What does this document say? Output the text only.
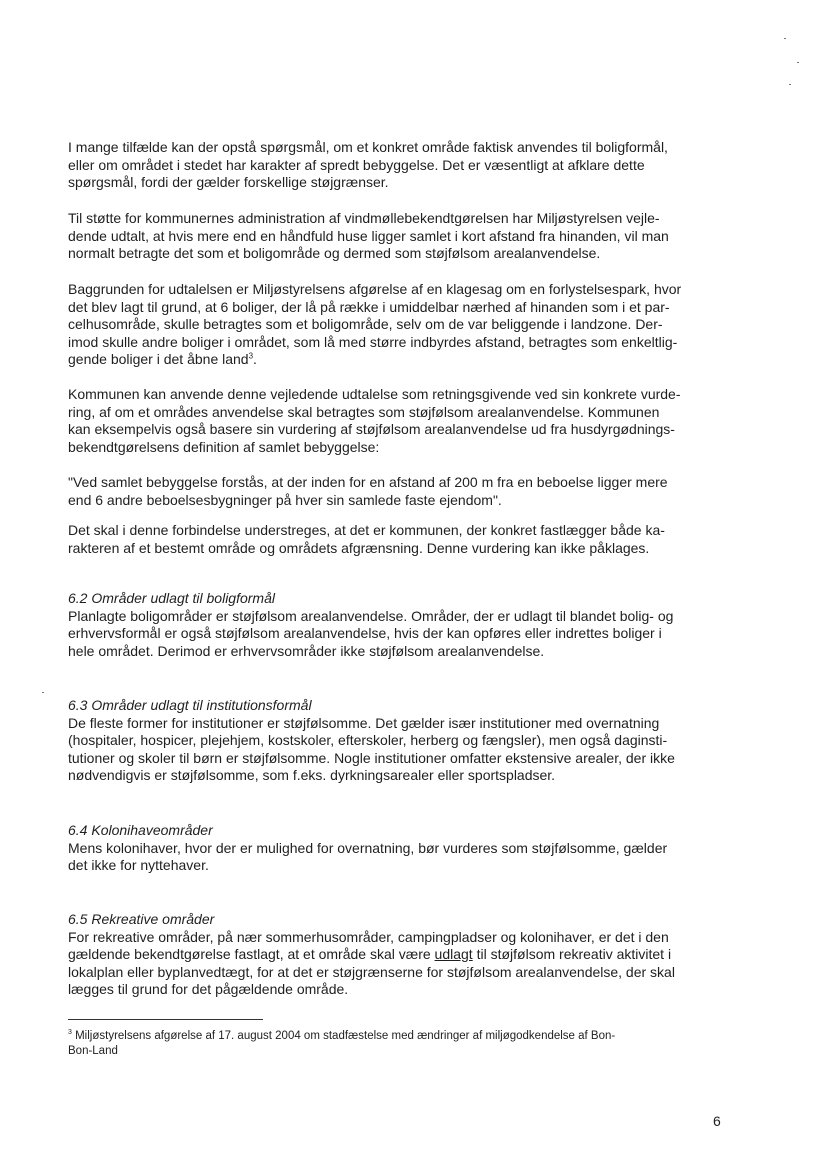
I mange tilfælde kan der opstå spørgsmål, om et konkret område faktisk anvendes til boligformål,
eller om området i stedet har karakter af spredt bebyggelse. Det er væsentligt at afklare dette
spørgsmål, fordi der gælder forskellige støjgrænser.

Til støtte for kommunernes administration af vindmøllebekendtgørelsen har Miljøstyrelsen vejle-
dende udtalt, at hvis mere end en håndfuld huse ligger samlet i kort afstand fra hinanden, vil man
normalt betragte det som et boligområde og dermed som støjfølsom arealanvendelse.

Baggrunden for udtalelsen er Miljøstyrelsens afgørelse af en klagesag om en forlystelsespark, hvor
det blev lagt til grund, at 6 boliger, der lå på række i umiddelbar nærhed af hinanden som i et par-
celhusområde, skulle betragtes som et boligområde, selv om de var beliggende i landzone. Der-
imod skulle andre boliger i området, som lå med større indbyrdes afstand, betragtes som enkeltlig-
gende boliger i det åbne land$^3$.

Kommunen kan anvende denne vejledende udtalelse som retningsgivende ved sin konkrete vurde-
ring, af om et områdes anvendelse skal betragtes som støjfølsom arealanvendelse. Kommunen
kan eksempelvis også basere sin vurdering af støjfølsom arealanvendelse ud fra husdyrgødnings-
bekendtgørelsens definition af samlet bebyggelse:

"Ved samlet bebyggelse forstås, at der inden for en afstand af 200 m fra en beboelse ligger mere
end 6 andre beboelsesbygninger på hver sin samlede faste ejendom".

Det skal i denne forbindelse understreges, at det er kommunen, der konkret fastlægger både ka-
rakteren af et bestemt område og områdets afgrænsning. Denne vurdering kan ikke påklages.

6.2 Områder udlagt til boligformål
Planlagte boligområder er støjfølsom arealanvendelse. Områder, der er udlagt til blandet bolig- og
erhvervsformål er også støjfølsom arealanvendelse, hvis der kan opføres eller indrettes boliger i
hele området. Derimod er erhvervsområder ikke støjfølsom arealanvendelse.
6.3 Områder udlagt til institutionsformål
De fleste former for institutioner er støjfølsomme. Det gælder især institutioner med overnatning
(hospitaler, hospicer, plejehjem, kostskoler, efterskoler, herberg og fængsler), men også daginsti-
tutioner og skoler til børn er støjfølsomme. Nogle institutioner omfatter ekstensive arealer, der ikke
nødvendigvis er støjfølsomme, som f.eks. dyrkningsarealer eller sportspladser.
6.4 Kolonihaveområder
Mens kolonihaver, hvor der er mulighed for overnatning, bør vurderes som støjfølsomme, gælder
det ikke for nyttehaver.
6.5 Rekreative områder
For rekreative områder, på nær sommerhusområder, campingpladser og kolonihaver, er det i den
gældende bekendtgørelse fastlagt, at et område skal være udlagt til støjfølsom rekreativ aktivitet i
lokalplan eller byplanvedtægt, for at det er støjgrænserne for støjfølsom arealanvendelse, der skal
lægges til grund for det pågældende område.

$^3$ Miljøstyrelsens afgørelse af 17. august 2004 om stadfæstelse med ændringer af miljøgodkendelse af Bon-
Bon-Land

6
